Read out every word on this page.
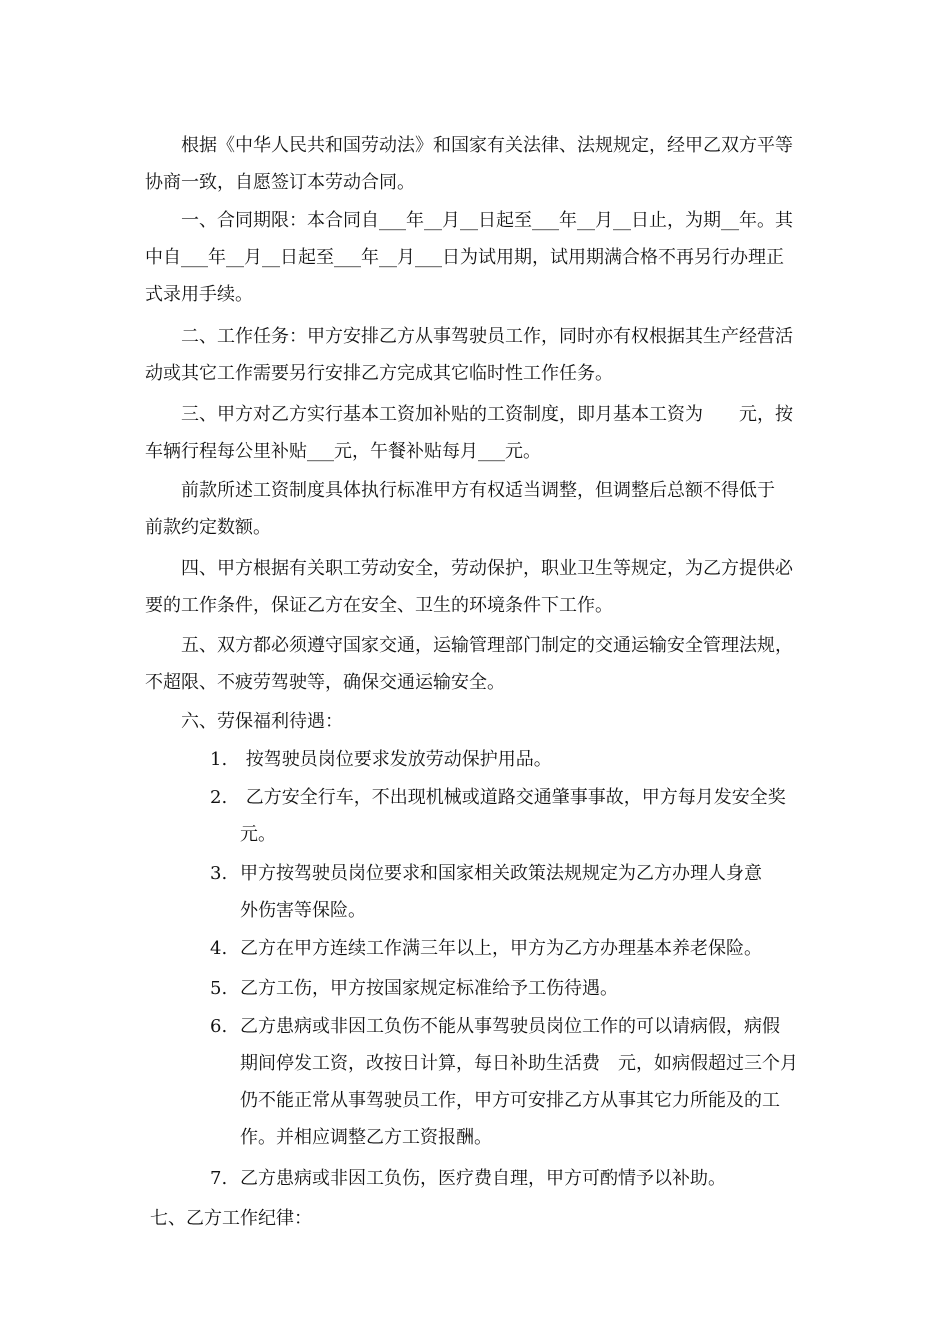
　　根据《中华人民共和国劳动法》和国家有关法律、法规规定，经甲乙双方平等
协商一致，自愿签订本劳动合同。
　　一、合同期限：本合同自___年__月__日起至___年__月__日止，为期__年。其
中自___年__月__日起至___年__月___日为试用期，试用期满合格不再另行办理正
式录用手续。
　　二、工作任务：甲方安排乙方从事驾驶员工作，同时亦有权根据其生产经营活
动或其它工作需要另行安排乙方完成其它临时性工作任务。
　　三、甲方对乙方实行基本工资加补贴的工资制度，即月基本工资为　　元，按
车辆行程每公里补贴___元，午餐补贴每月___元。
　　前款所述工资制度具体执行标准甲方有权适当调整，但调整后总额不得低于
前款约定数额。
　　四、甲方根据有关职工劳动安全，劳动保护，职业卫生等规定，为乙方提供必
要的工作条件，保证乙方在安全、卫生的环境条件下工作。
　　五、双方都必须遵守国家交通，运输管理部门制定的交通运输安全管理法规，
不超限、不疲劳驾驶等，确保交通运输安全。
　　六、劳保福利待遇：
1. 按驾驶员岗位要求发放劳动保护用品。
2. 乙方安全行车，不出现机械或道路交通肇事事故，甲方每月发安全奖
元。
3. 甲方按驾驶员岗位要求和国家相关政策法规规定为乙方办理人身意
外伤害等保险。
4. 乙方在甲方连续工作满三年以上，甲方为乙方办理基本养老保险。
5. 乙方工伤，甲方按国家规定标准给予工伤待遇。
6. 乙方患病或非因工负伤不能从事驾驶员岗位工作的可以请病假，病假
期间停发工资，改按日计算，每日补助生活费　元，如病假超过三个月
仍不能正常从事驾驶员工作，甲方可安排乙方从事其它力所能及的工
作。并相应调整乙方工资报酬。
7. 乙方患病或非因工负伤，医疗费自理，甲方可酌情予以补助。
七、乙方工作纪律：
